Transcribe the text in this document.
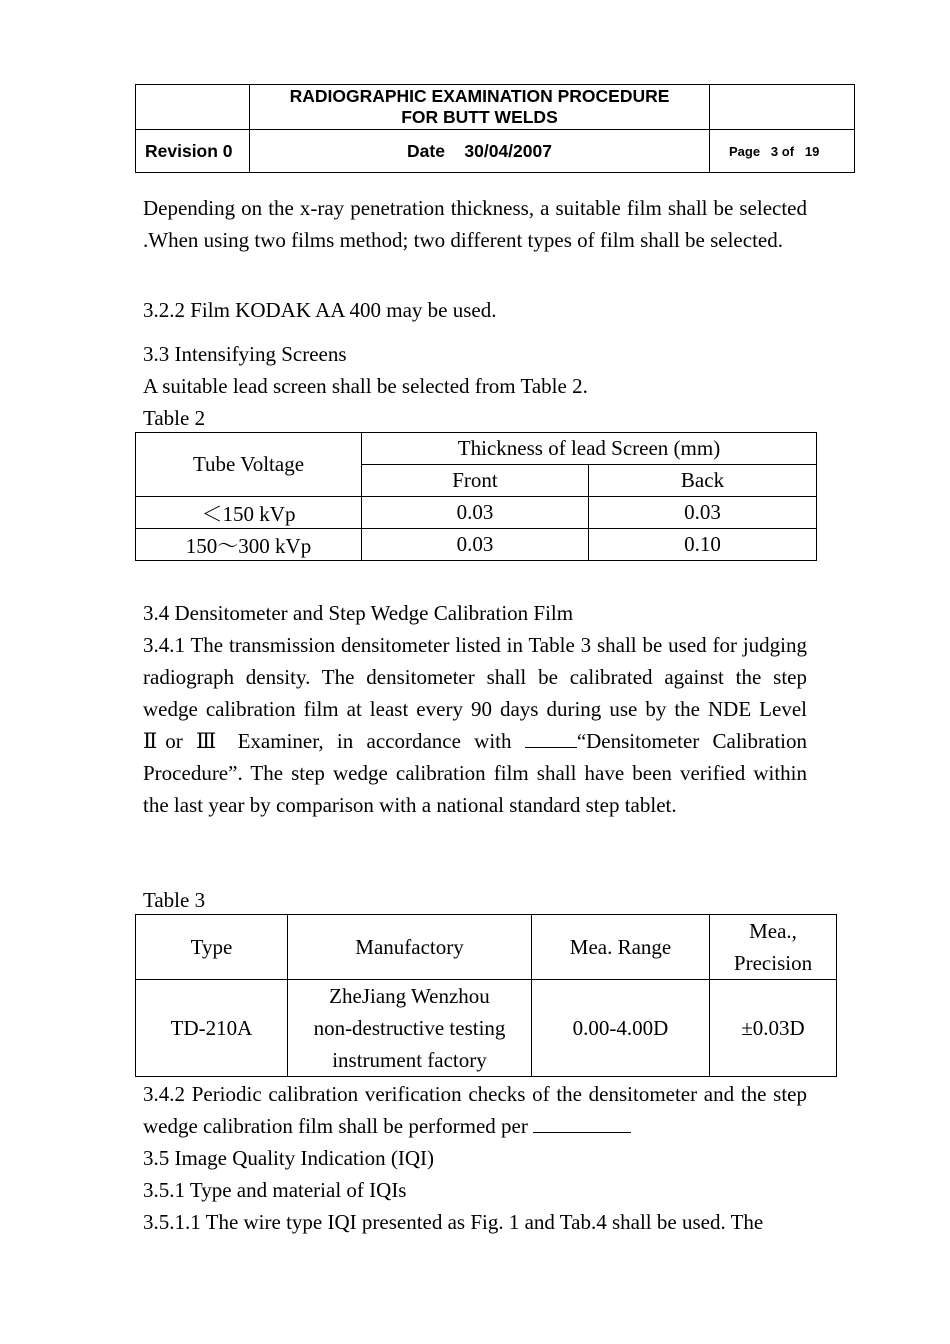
	RADIOGRAPHIC EXAMINATION PROCEDURE
FOR BUTT WELDS	

Revision 0	Date 30/04/2007	Page 3 of 19

Depending on the x-ray penetration thickness, a suitable film shall be selected .When using two films method; two different types of film shall be selected.

3.2.2 Film KODAK AA 400 may be used.
3.3 Intensifying Screens
A suitable lead screen shall be selected from Table 2.
Table 2
Tube Voltage	Thickness of lead Screen (mm)	
	Front	Back
＜150 kVp	0.03	0.03
150～300 kVp	0.03	0.10
3.4 Densitometer and Step Wedge Calibration Film

3.4.1 The transmission densitometer listed in Table 3 shall be used for judging radiograph density. The densitometer shall be calibrated against the step wedge calibration film at least every 90 days during use by the NDE Level Ⅱor Ⅲ Examiner, in accordance with	“Densitometer Calibration Procedure”. The step wedge calibration film shall have been verified within the last year by comparison with a national standard step tablet.

Table 3
Type	Manufactory	Mea. Range	Mea.,
Precision

TD-210A	ZheJiang Wenzhou
non-destructive testing
instrument factory	0.00-4.00D	±0.03D

3.4.2 Periodic calibration verification checks of the densitometer and the step wedge calibration film shall be performed per

3.5 Image Quality Indication (IQI)
3.5.1 Type and material of IQIs
3.5.1.1 The wire type IQI presented as Fig. 1 and Tab.4 shall be used. The
